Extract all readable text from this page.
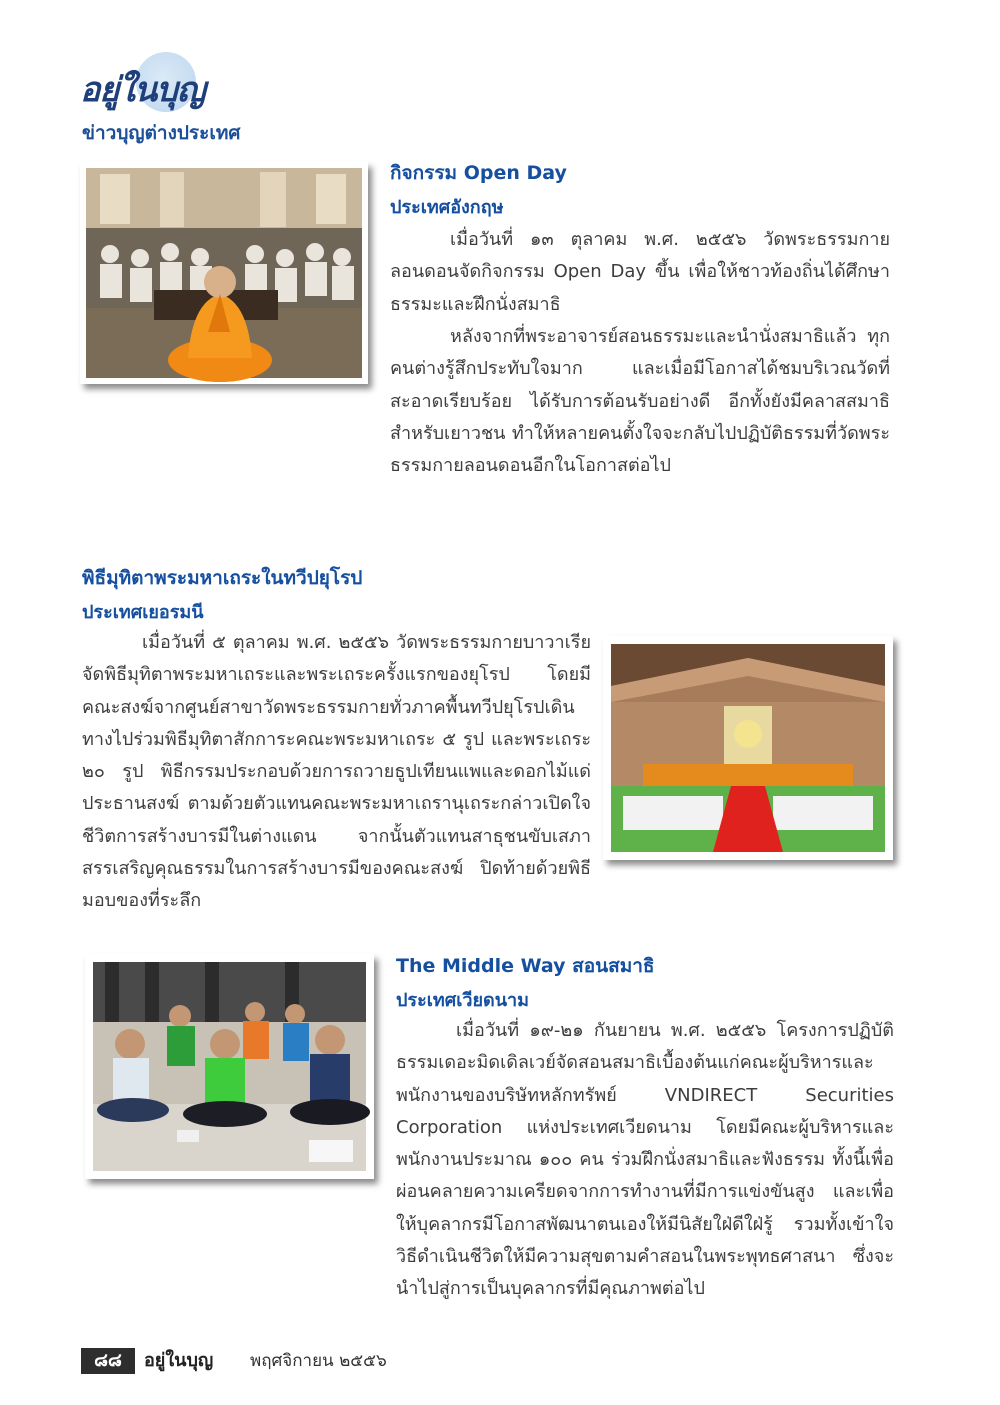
อยู่ในบุญ
ข่าวบุญต่างประเทศ
กิจกรรม Open Day
ประเทศอังกฤษ

เมื่อวันที่ ๑๓ ตุลาคม พ.ศ. ๒๕๕๖ วัดพระธรรมกายลอนดอนจัดกิจกรรม Open Day ขึ้น เพื่อให้ชาวท้องถิ่นได้ศึกษาธรรมะและฝึกนั่งสมาธิ

หลังจากที่พระอาจารย์สอนธรรมะและนำนั่งสมาธิแล้ว ทุกคนต่างรู้สึกประทับใจมาก และเมื่อมีโอกาสได้ชมบริเวณวัดที่สะอาดเรียบร้อย ได้รับการต้อนรับอย่างดี อีกทั้งยังมีคลาสสมาธิสำหรับเยาวชน ทำให้หลายคนตั้งใจจะกลับไปปฏิบัติธรรมที่วัดพระธรรมกายลอนดอนอีกในโอกาสต่อไป

พิธีมุทิตาพระมหาเถระในทวีปยุโรป
ประเทศเยอรมนี

เมื่อวันที่ ๕ ตุลาคม พ.ศ. ๒๕๕๖ วัดพระธรรมกายบาวาเรียจัดพิธีมุทิตาพระมหาเถระและพระเถระครั้งแรกของยุโรป โดยมีคณะสงฆ์จากศูนย์สาขาวัดพระธรรมกายทั่วภาคพื้นทวีปยุโรปเดินทางไปร่วมพิธีมุทิตาสักการะคณะพระมหาเถระ ๕ รูป และพระเถระ ๒๐ รูป พิธีกรรมประกอบด้วยการถวายธูปเทียนแพและดอกไม้แด่ประธานสงฆ์ ตามด้วยตัวแทนคณะพระมหาเถรานุเถระกล่าวเปิดใจชีวิตการสร้างบารมีในต่างแดน จากนั้นตัวแทนสาธุชนขับเสภาสรรเสริญคุณธรรมในการสร้างบารมีของคณะสงฆ์ ปิดท้ายด้วยพิธีมอบของที่ระลึก

The Middle Way สอนสมาธิ
ประเทศเวียดนาม

เมื่อวันที่ ๑๙-๒๑ กันยายน พ.ศ. ๒๕๕๖ โครงการปฏิบัติธรรมเดอะมิดเดิลเวย์จัดสอนสมาธิเบื้องต้นแก่คณะผู้บริหารและพนักงานของบริษัทหลักทรัพย์ VNDIRECT Securities Corporation แห่งประเทศเวียดนาม โดยมีคณะผู้บริหารและพนักงานประมาณ ๑๐๐ คน ร่วมฝึกนั่งสมาธิและฟังธรรม ทั้งนี้เพื่อผ่อนคลายความเครียดจากการทำงานที่มีการแข่งขันสูง และเพื่อให้บุคลากรมีโอกาสพัฒนาตนเองให้มีนิสัยใฝ่ดีใฝ่รู้ รวมทั้งเข้าใจวิธีดำเนินชีวิตให้มีความสุขตามคำสอนในพระพุทธศาสนา ซึ่งจะนำไปสู่การเป็นบุคลากรที่มีคุณภาพต่อไป

๘๘	อยู่ในบุญ พฤศจิกายน ๒๕๕๖
